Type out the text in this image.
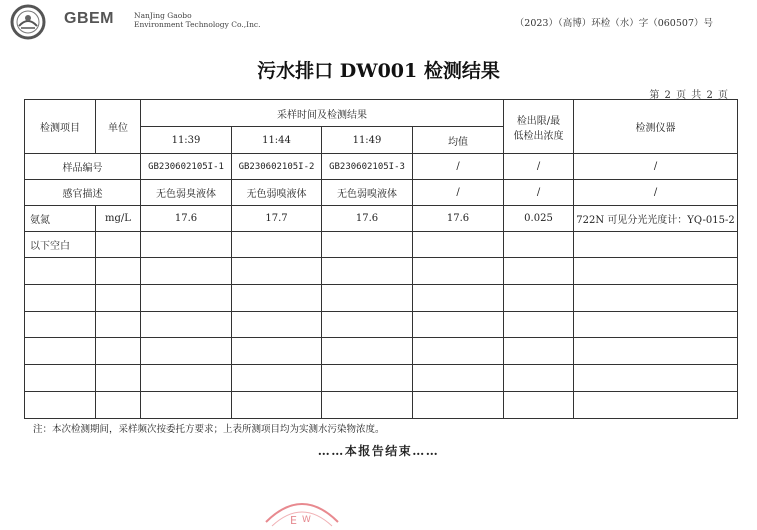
GBEM	NanJing Gaobo
Environment Technology Co.,Inc.	（2023）（高博）环检（水）字（060507）号
污水排口 DW001 检测结果
第 2 页 共 2 页
检测项目	单位	采样时间及检测结果				检出限/最
低检出浓度	检测仪器
		11:39	11:44	11:49	均值		
样品编号		GB230602105I-1	GB230602105I-2	GB230602105I-3	/	/	/
感官描述		无色弱臭液体	无色弱嗅液体	无色弱嗅液体	/	/	/
氨氮	mg/L	17.6	17.7	17.6	17.6	0.025	722N 可见分光光度计：YQ-015-2
以下空白							

注：本次检测期间，采样频次按委托方要求；上表所测项目均为实测水污染物浓度。
……本报告结束……
E W
